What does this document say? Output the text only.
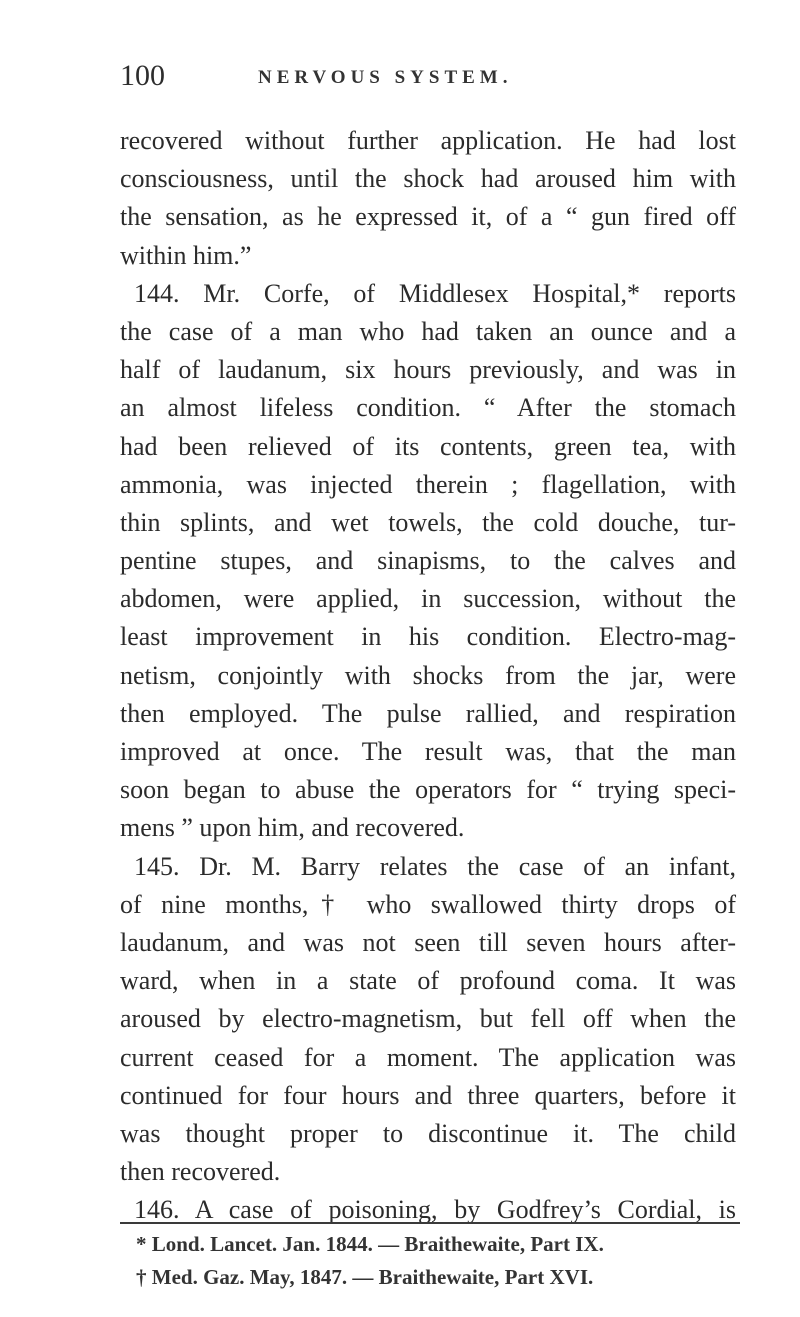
100	NERVOUS SYSTEM.
recovered without further application. He had lost
consciousness, until the shock had aroused him with
the sensation, as he expressed it, of a “ gun fired off
within him.”
144. Mr. Corfe, of Middlesex Hospital,* reports
the case of a man who had taken an ounce and a
half of laudanum, six hours previously, and was in
an almost lifeless condition. “ After the stomach
had been relieved of its contents, green tea, with
ammonia, was injected therein ; flagellation, with
thin splints, and wet towels, the cold douche, tur-
pentine stupes, and sinapisms, to the calves and
abdomen, were applied, in succession, without the
least improvement in his condition. Electro-mag-
netism, conjointly with shocks from the jar, were
then employed. The pulse rallied, and respiration
improved at once. The result was, that the man
soon began to abuse the operators for “ trying speci-
mens ” upon him, and recovered.
145. Dr. M. Barry relates the case of an infant,
of nine months,† who swallowed thirty drops of
laudanum, and was not seen till seven hours after-
ward, when in a state of profound coma. It was
aroused by electro-magnetism, but fell off when the
current ceased for a moment. The application was
continued for four hours and three quarters, before it
was thought proper to discontinue it. The child
then recovered.
146. A case of poisoning, by Godfrey’s Cordial, is
* Lond. Lancet. Jan. 1844. — Braithewaite, Part IX.
† Med. Gaz. May, 1847. — Braithewaite, Part XVI.
